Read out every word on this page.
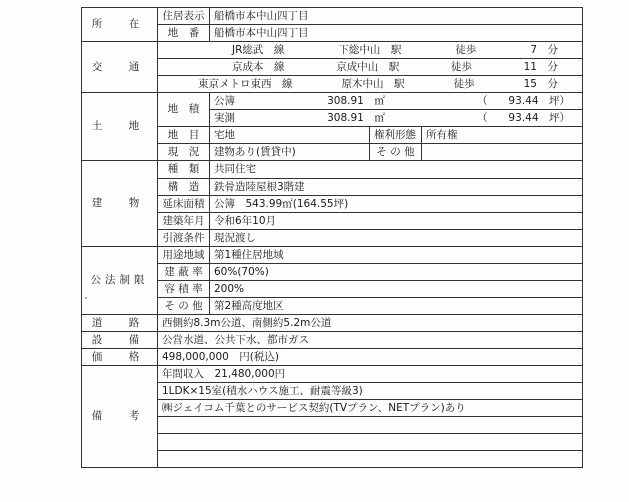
所　在	住居表示	船橋市本中山四丁目		
	地　番	船橋市本中山四丁目		
交　通	JR総武　線 下総中山　駅 徒歩 7　分			

	京成本　線 京成中山　駅 徒歩 11　分			

	東京メトロ東西　線 原木中山　駅 徒歩 15　分			

土　地	地　積	公簿 308.91　㎡ （　　93.44　坪）		

		実測 308.91　㎡ （　　93.44　坪）		

	地　目	宅地	権利形態	所有権
	現　況	建物あり(賃貸中)	そ の 他	
建　物	種　類	共同住宅		
	構　造	鉄骨造陸屋根3階建		
	延床面積	公簿　543.99㎡(164.55坪)		
	建築年月	令和6年10月		
	引渡条件	現況渡し		
公法制限	用途地域	第1種住居地域		
	建 蔽 率	60%(70%)		
	容 積 率	200%		
	そ の 他	第2種高度地区		
道　路	西側約8.3m公道、南側約5.2m公道			
設　備	公営水道、公共下水、都市ガス			
価　格	498,000,000　円(税込)			
備　考	年間収入　21,480,000円			
	1LDK×15室(積水ハウス施工、耐震等級3)			
	㈱ジェイコム千葉とのサービス契約(TVプラン、NETプラン)あり			
